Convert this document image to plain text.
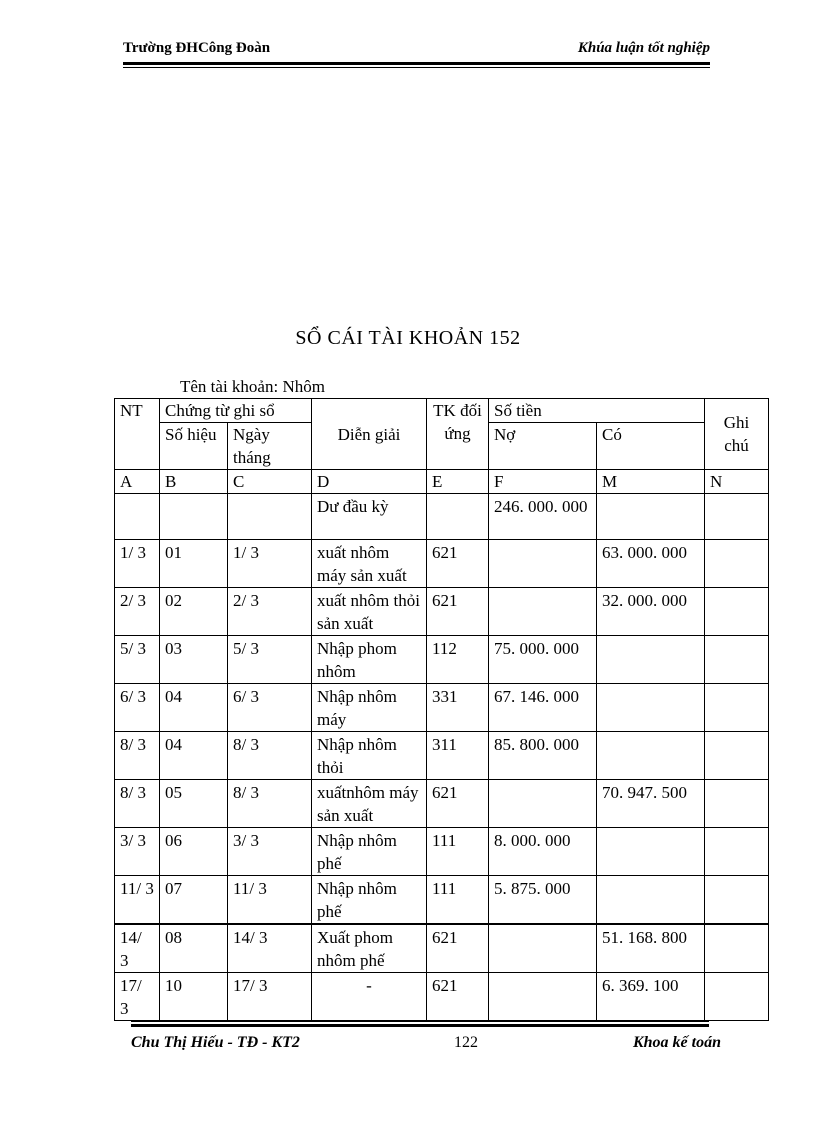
Trường ĐHCông Đoàn	Khúa luận tốt nghiệp
SỔ CÁI TÀI KHOẢN 152
Tên tài khoản: Nhôm
NT	Chứng từ ghi sổ		Diễn giải	TK đối ứng	Số tiền		Ghi chú
	Số hiệu	Ngày tháng			Nợ	Có	
A	B	C	D	E	F	M	N
			Dư đầu kỳ		246. 000. 000		
1/ 3	01	1/ 3	xuất nhôm máy sản xuất	621		63. 000. 000	
2/ 3	02	2/ 3	xuất nhôm thỏi sản xuất	621		32. 000. 000	
5/ 3	03	5/ 3	Nhập phom nhôm	112	75. 000. 000		
6/ 3	04	6/ 3	Nhập nhôm máy	331	67. 146. 000		
8/ 3	04	8/ 3	Nhập nhôm thỏi	311	85. 800. 000		
8/ 3	05	8/ 3	xuấtnhôm máy sản xuất	621		70. 947. 500	
3/ 3	06	3/ 3	Nhập nhôm phế	111	8. 000. 000		
11/ 3	07	11/ 3	Nhập nhôm phế	111	5. 875. 000		
14/ 3	08	14/ 3	Xuất phom nhôm phế	621		51. 168. 800	
17/ 3	10	17/ 3	-	621		6. 369. 100	
Chu Thị Hiếu - TĐ - KT2	122	Khoa kế toán
